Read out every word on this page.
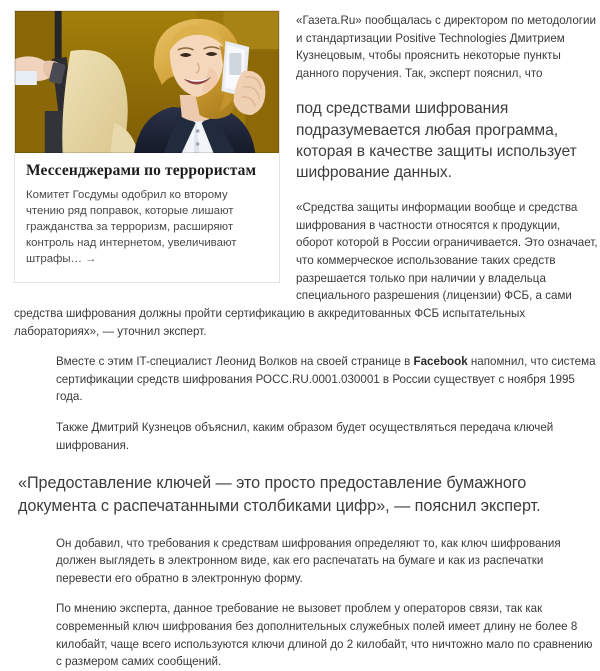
Мессенджерами по террористам

Комитет Госдумы одобрил ко второму чтению ряд поправок, которые лишают гражданства за терроризм, расширяют контроль над интернетом, увеличивают штрафы… →

«Газета.Ru» пообщалась с директором по методологии и стандартизации Positive Technologies Дмитрием Кузнецовым, чтобы прояснить некоторые пункты данного поручения. Так, эксперт пояснил, что

под средствами шифрования подразумевается любая программа, которая в качестве защиты использует шифрование данных.

«Средства защиты информации вообще и средства шифрования в частности относятся к продукции, оборот которой в России ограничивается. Это означает, что коммерческое использование таких средств разрешается только при наличии у владельца специального разрешения (лицензии) ФСБ, а сами средства шифрования должны пройти сертификацию в аккредитованных ФСБ испытательных лабораториях», — уточнил эксперт.

Вместе с этим IT-специалист Леонид Волков на своей странице в Facebook напомнил, что система сертификации средств шифрования РОСС.RU.0001.030001 в России существует с ноября 1995 года.

Также Дмитрий Кузнецов объяснил, каким образом будет осуществляться передача ключей шифрования.

«Предоставление ключей — это просто предоставление бумажного документа с распечатанными столбиками цифр», — пояснил эксперт.

Он добавил, что требования к средствам шифрования определяют то, как ключ шифрования должен выглядеть в электронном виде, как его распечатать на бумаге и как из распечатки перевести его обратно в электронную форму.

По мнению эксперта, данное требование не вызовет проблем у операторов связи, так как современный ключ шифрования без дополнительных служебных полей имеет длину не более 8 килобайт, чаще всего используются ключи длиной до 2 килобайт, что ничтожно мало по сравнению с размером самих сообщений.
